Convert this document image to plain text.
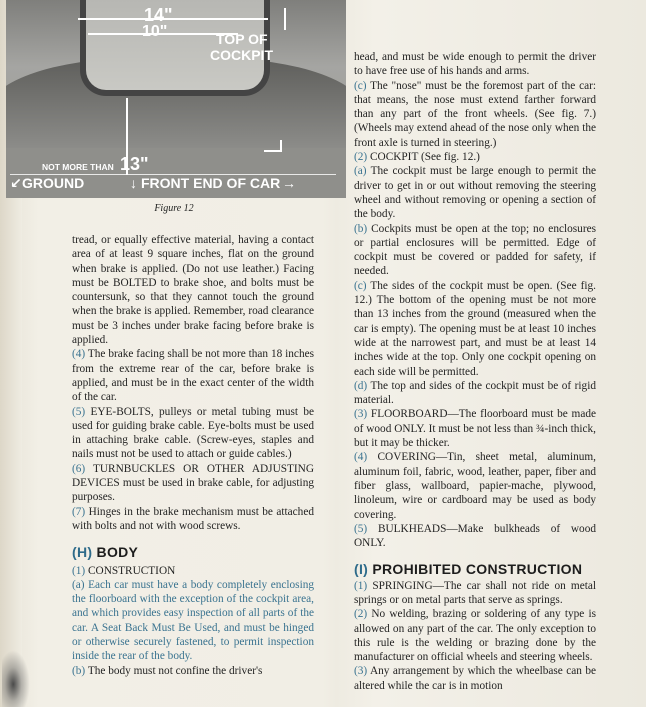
14"
10"	TOP OF
COCKPIT
NOT MORE THAN 13"
↙ GROUND	↓ FRONT END OF CAR →
Figure 12

tread, or equally effective material, having a contact area of at least 9 square inches, flat on the ground when brake is applied. (Do not use leather.) Facing must be BOLTED to brake shoe, and bolts must be countersunk, so that they cannot touch the ground when the brake is applied. Remember, road clearance must be 3 inches under brake facing before brake is applied.

(4) The brake facing shall be not more than 18 inches from the extreme rear of the car, before brake is applied, and must be in the exact center of the width of the car.

(5) EYE-BOLTS, pulleys or metal tubing must be used for guiding brake cable. Eye-bolts must be used in attaching brake cable. (Screw-eyes, staples and nails must not be used to attach or guide cables.)

(6) TURNBUCKLES OR OTHER ADJUSTING DEVICES must be used in brake cable, for adjusting purposes.

(7) Hinges in the brake mechanism must be attached with bolts and not with wood screws.

(H) BODY

(1) CONSTRUCTION

(a) Each car must have a body completely enclosing the floorboard with the exception of the cockpit area, and which provides easy inspection of all parts of the car. A Seat Back Must Be Used, and must be hinged or otherwise securely fastened, to permit inspection inside the rear of the body.

(b) The body must not confine the driver's

head, and must be wide enough to permit the driver to have free use of his hands and arms.

(c) The "nose" must be the foremost part of the car: that means, the nose must extend farther forward than any part of the front wheels. (See fig. 7.) (Wheels may extend ahead of the nose only when the front axle is turned in steering.)

(2) COCKPIT (See fig. 12.)

(a) The cockpit must be large enough to permit the driver to get in or out without removing the steering wheel and without removing or opening a section of the body.

(b) Cockpits must be open at the top; no enclosures or partial enclosures will be permitted. Edge of cockpit must be covered or padded for safety, if needed.

(c) The sides of the cockpit must be open. (See fig. 12.) The bottom of the opening must be not more than 13 inches from the ground (measured when the car is empty). The opening must be at least 10 inches wide at the narrowest part, and must be at least 14 inches wide at the top. Only one cockpit opening on each side will be permitted.

(d) The top and sides of the cockpit must be of rigid material.

(3) FLOORBOARD—The floorboard must be made of wood ONLY. It must be not less than ¾-inch thick, but it may be thicker.

(4) COVERING—Tin, sheet metal, aluminum, aluminum foil, fabric, wood, leather, paper, fiber and fiber glass, wallboard, papier-mache, plywood, linoleum, wire or cardboard may be used as body covering.

(5) BULKHEADS—Make bulkheads of wood ONLY.

(I) PROHIBITED CONSTRUCTION

(1) SPRINGING—The car shall not ride on metal springs or on metal parts that serve as springs.

(2) No welding, brazing or soldering of any type is allowed on any part of the car. The only exception to this rule is the welding or brazing done by the manufacturer on official wheels and steering wheels.

(3) Any arrangement by which the wheelbase can be altered while the car is in motion
